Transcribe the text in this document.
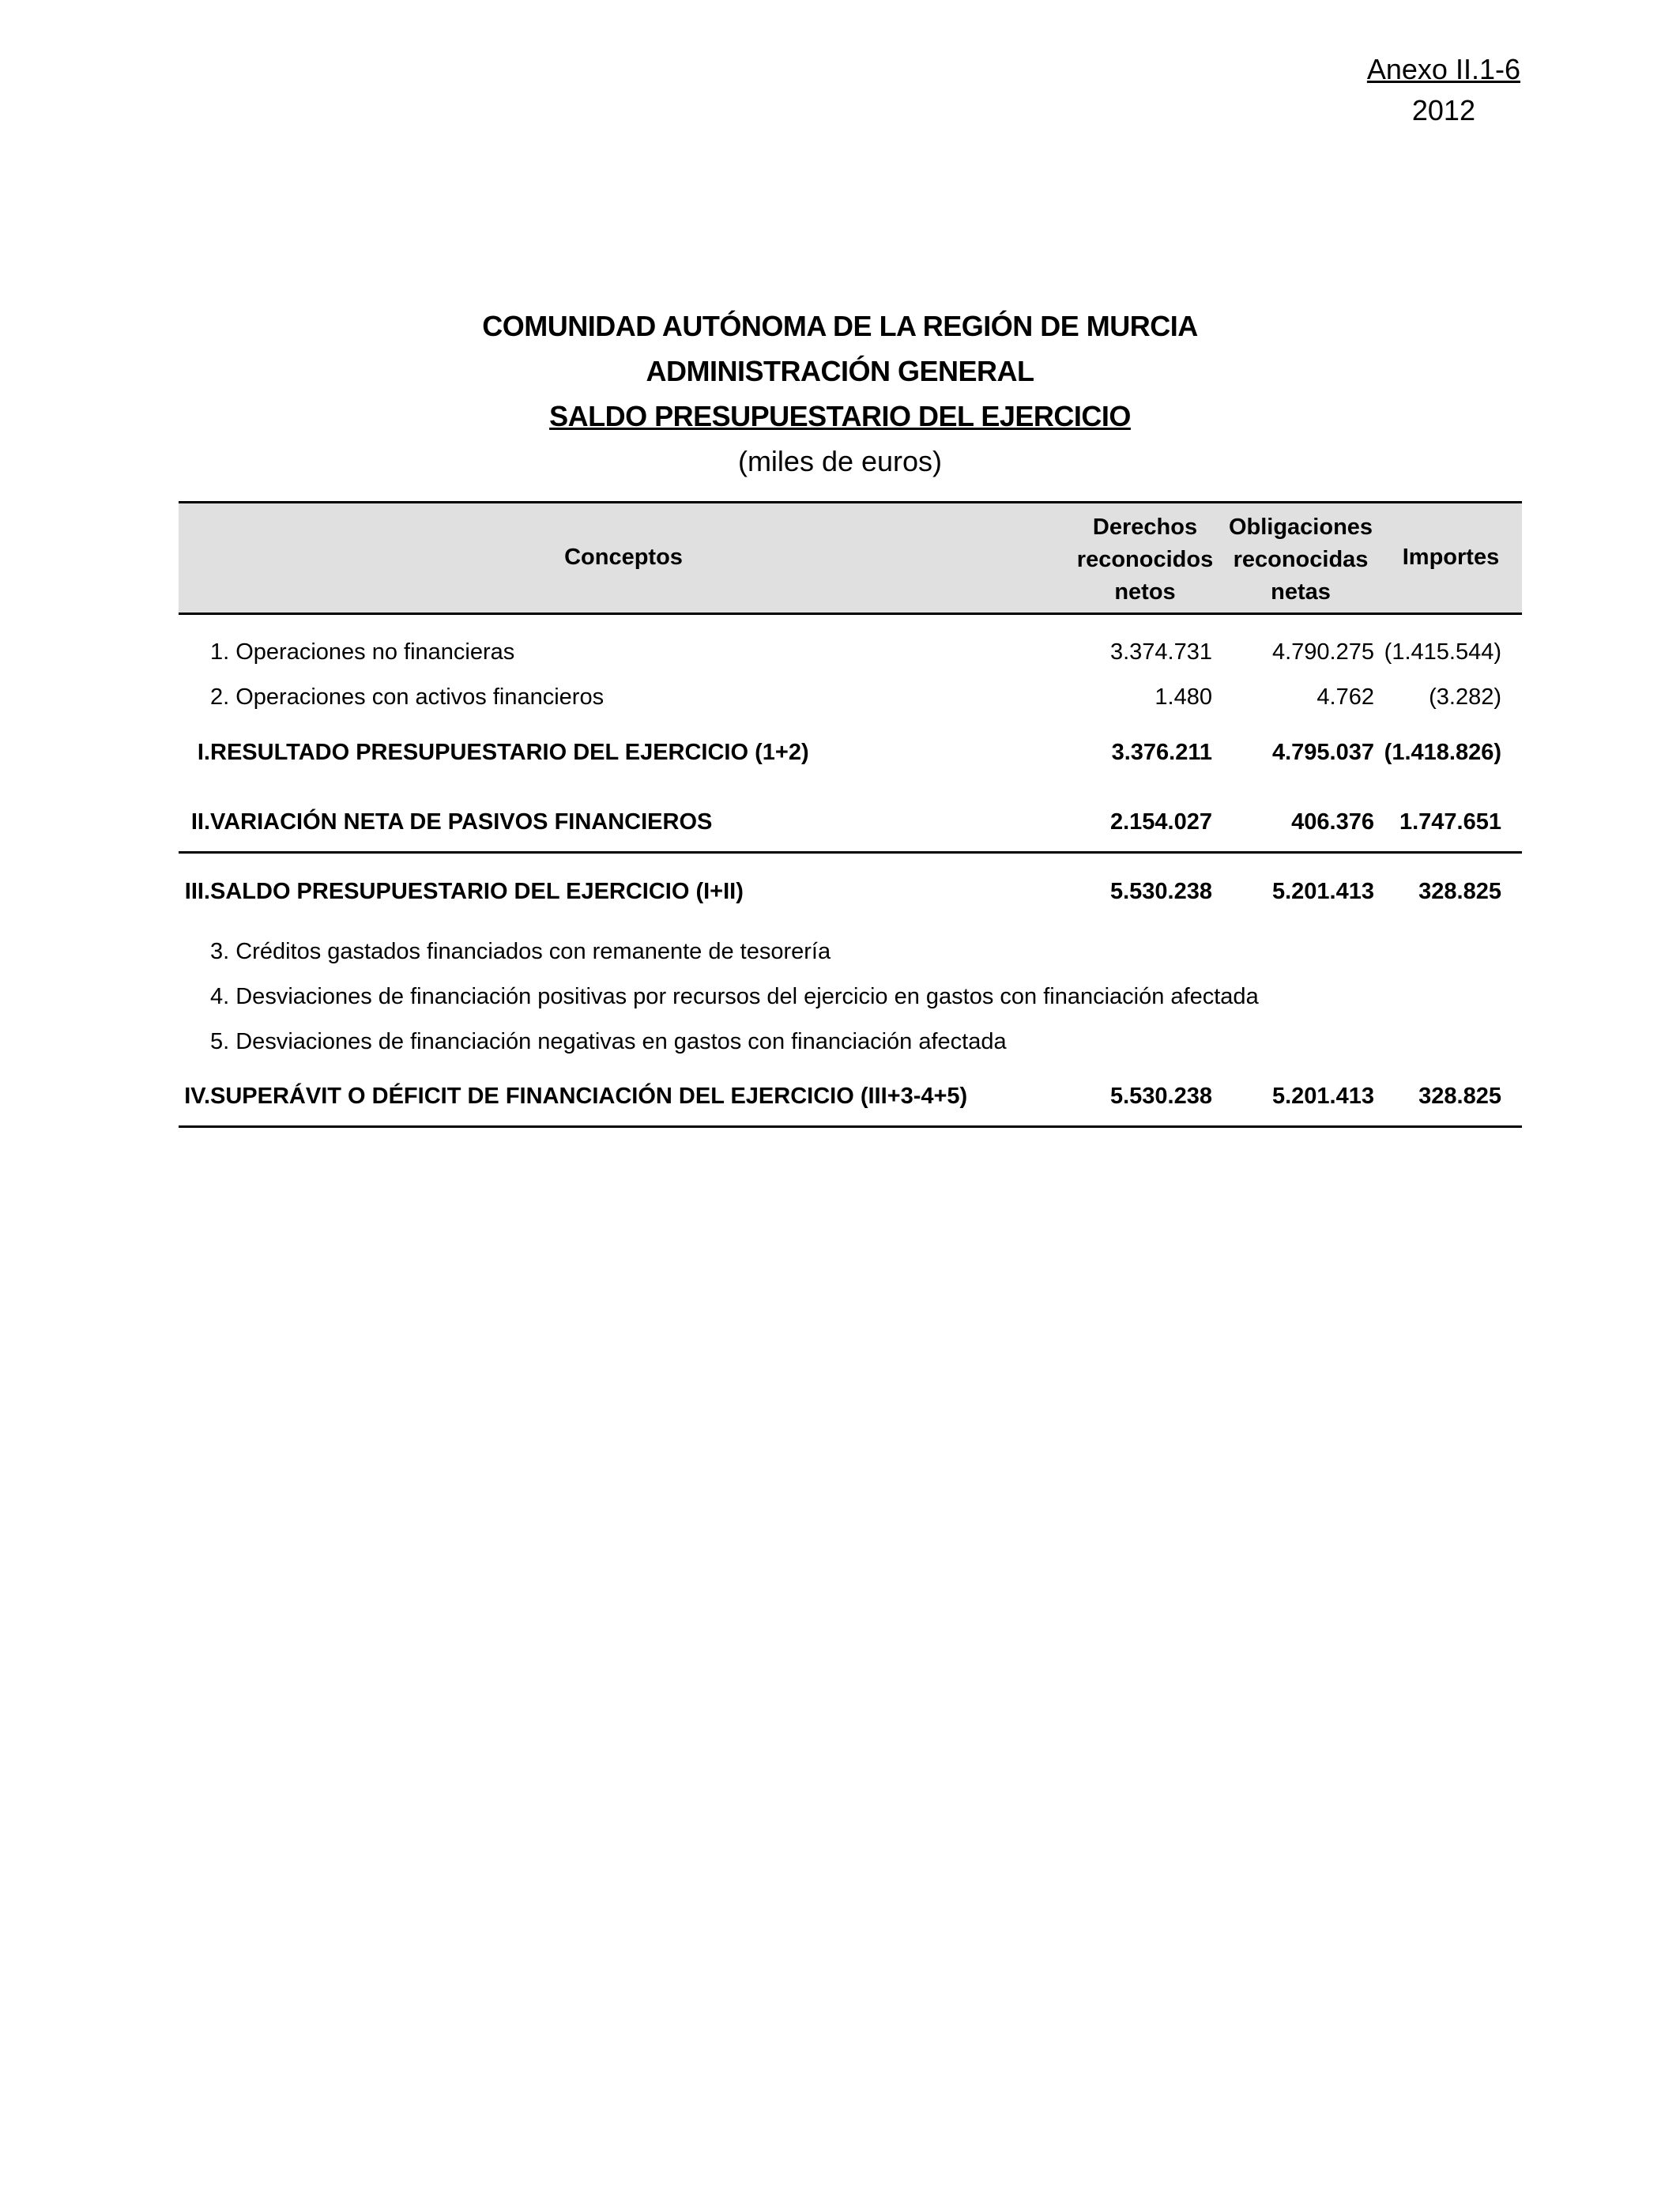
Anexo II.1-6
2012
COMUNIDAD AUTÓNOMA DE LA REGIÓN DE MURCIA
ADMINISTRACIÓN GENERAL
SALDO PRESUPUESTARIO DEL EJERCICIO
(miles de euros)
Conceptos
Derechos
reconocidos
netos
Obligaciones
reconocidas
netas
Importes
1. Operaciones no financieras	3.374.731	4.790.275 (1.415.544)
2. Operaciones con activos financieros	1.480	4.762 (3.282)
I. RESULTADO PRESUPUESTARIO DEL EJERCICIO (1+2)	3.376.211	4.795.037 (1.418.826)
II. VARIACIÓN NETA DE PASIVOS FINANCIEROS	2.154.027	406.376 1.747.651
III. SALDO PRESUPUESTARIO DEL EJERCICIO (I+II)	5.530.238	5.201.413 328.825
3. Créditos gastados financiados con remanente de tesorería
4. Desviaciones de financiación positivas por recursos del ejercicio en gastos con financiación afectada
5. Desviaciones de financiación negativas en gastos con financiación afectada
IV. SUPERÁVIT O DÉFICIT DE FINANCIACIÓN DEL EJERCICIO (III+3-4+5)	5.530.238	5.201.413 328.825
